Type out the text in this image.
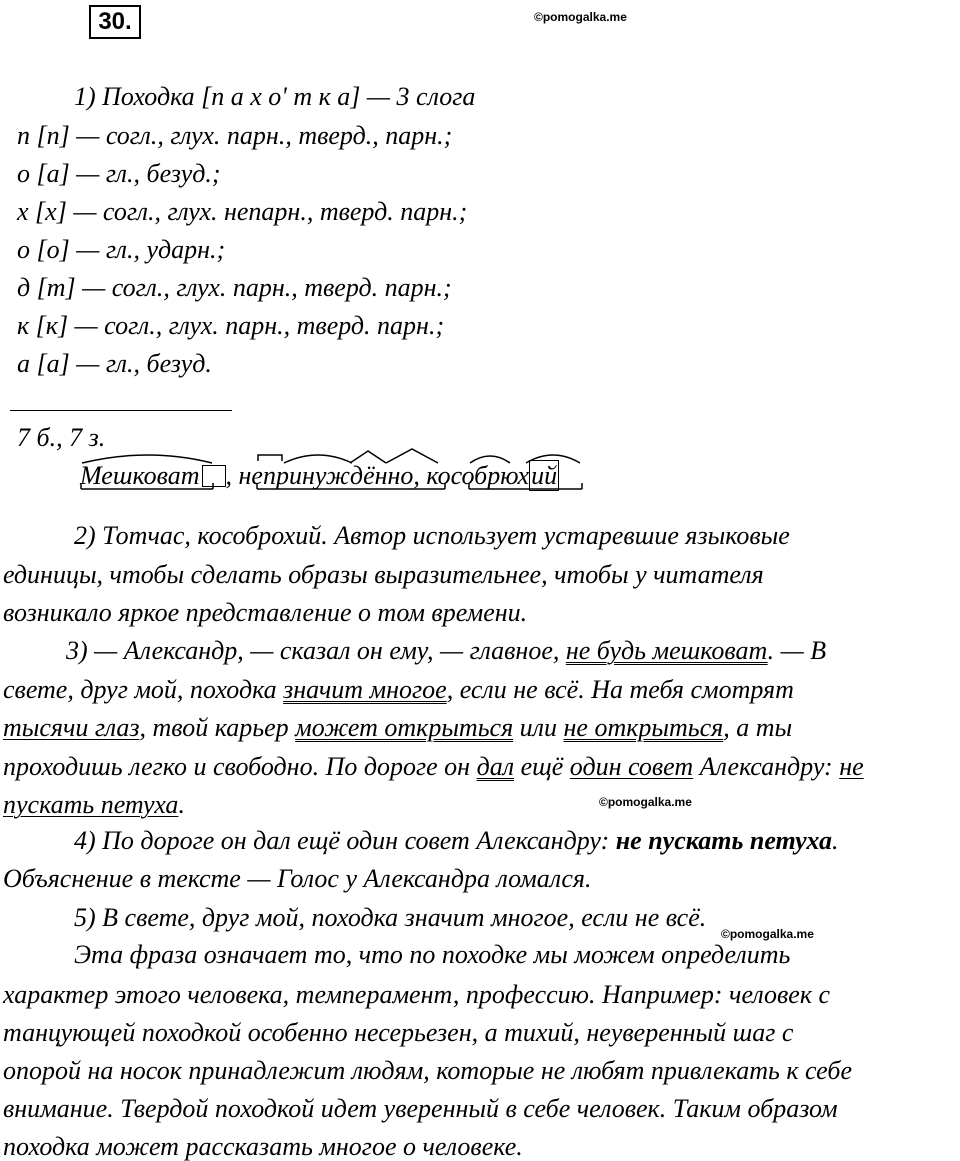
30.	©pomogalka.me
1) Походка [п а х о' т к а] — 3 слога
п [п] — согл., глух. парн., тверд., парн.;
о [а] — гл., безуд.;
х [х] — согл., глух. непарн., тверд. парн.;
о [о] — гл., ударн.;
д [т] — согл., глух. парн., тверд. парн.;
к [к] — согл., глух. парн., тверд. парн.;
а [а] — гл., безуд.
7 б., 7 з.
Мешковат , непринуждённо, кособрюхий
2) Тотчас, кособрохий. Автор использует устаревшие языковые
единицы, чтобы сделать образы выразительнее, чтобы у читателя
возникало яркое представление о том времени.
3) — Александр, — сказал он ему, — главное, не будь мешковат. — В
свете, друг мой, походка значит многое, если не всё. На тебя смотрят
тысячи глаз, твой карьер может открыться или не открыться, а ты
проходишь легко и свободно. По дороге он дал ещё один совет Александру: не
пускать петуха.	©pomogalka.me
4) По дороге он дал ещё один совет Александру: не пускать петуха.
Объяснение в тексте — Голос у Александра ломался.
5) В свете, друг мой, походка значит многое, если не всё.
©pomogalka.me
Эта фраза означает то, что по походке мы можем определить
характер этого человека, темперамент, профессию. Например: человек с
танцующей походкой особенно несерьезен, а тихий, неуверенный шаг с
опорой на носок принадлежит людям, которые не любят привлекать к себе
внимание. Твердой походкой идет уверенный в себе человек. Таким образом
походка может рассказать многое о человеке.
